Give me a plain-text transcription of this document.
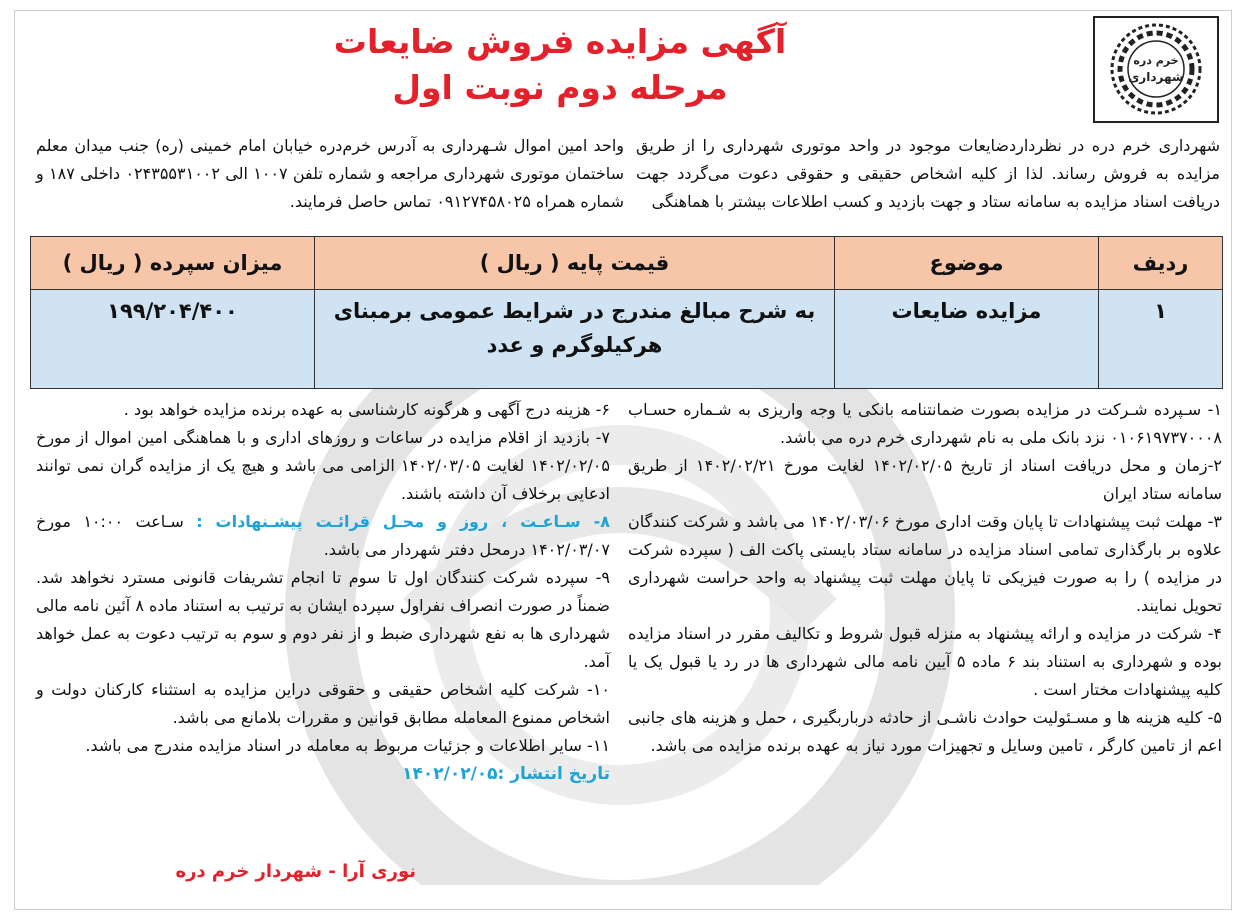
خرم دره
شهرداری
آگهی مزایده فروش ضایعات
مرحله دوم نوبت اول

شهرداری خرم دره در نظرداردضایعات موجود در واحد موتوری شهرداری را از طریق مزایده به فروش رساند. لذا از کلیه اشخاص حقیقی و حقوقی دعوت می‌گردد جهت دریافت اسناد مزایده به سامانه ستاد و جهت بازدید و کسب اطلاعات بیشتر با هماهنگی

واحد امین اموال شـهرداری به آدرس خرم‌دره خیابان امام خمینی (ره) جنب میدان معلم ساختمان موتوری شهرداری مراجعه و شماره تلفن ۱۰۰۷ الی ۰۲۴۳۵۵۳۱۰۰۲ داخلی ۱۸۷ و شماره همراه ۰۹۱۲۷۴۵۸۰۲۵ تماس حاصل فرمایند.

ردیف	موضوع	قیمت پایه ( ریال )	میزان سپرده ( ریال )
۱	مزایده ضایعات	به شرح مبالغ مندرج در شرایط عمومی برمبنای هرکیلوگرم و عدد	۱۹۹/۲۰۴/۴۰۰

۱- سـپرده شـرکت در مزایده بصورت ضمانتنامه بانکی یا وجه واریزی به شـماره حسـاب ۰۱۰۶۱۹۷۳۷۰۰۰۸ نزد بانک ملی به نام شهرداری خرم دره می باشد.

۲-زمان و محل دریافت اسناد از تاریخ ۱۴۰۲/۰۲/۰۵ لغایت مورخ ۱۴۰۲/۰۲/۲۱ از طریق سامانه ستاد ایران

۳- مهلت ثبت پیشنهادات تا پایان وقت اداری مورخ ۱۴۰۲/۰۳/۰۶ می باشد و شرکت کنندگان علاوه بر بارگذاری تمامی اسناد مزایده در سامانه ستاد بایستی پاکت الف ( سپرده شرکت در مزایده ) را به صورت فیزیکی تا پایان مهلت ثبت پیشنهاد به واحد حراست شهرداری تحویل نمایند.

۴- شرکت در مزایده و ارائه پیشنهاد به منزله قبول شروط و تکالیف مقرر در اسناد مزایده بوده و شهرداری به استناد بند ۶ ماده ۵ آیین نامه مالی شهرداری ها در رد یا قبول یک یا کلیه پیشنهادات مختار است .

۵- کلیه هزینه ها و مسـئولیت حوادث ناشـی از حادثه درباربگیری ، حمل و هزینه های جانبی اعم از تامین کارگر ، تامین وسایل و تجهیزات مورد نیاز به عهده برنده مزایده می باشد.

۶- هزینه درج آگهی و هرگونه کارشناسی به عهده برنده مزایده خواهد بود .

۷- بازدید از اقلام مزایده در ساعات و روزهای اداری و با هماهنگی امین اموال از مورخ ۱۴۰۲/۰۲/۰۵ لغایت ۱۴۰۲/۰۳/۰۵ الزامی می باشد و هیچ یک از مزایده گران نمی توانند ادعایی برخلاف آن داشته باشند.

۸- سـاعـت ، روز و محـل قرائـت پیشـنهادات : سـاعت ۱۰:۰۰ مورخ ۱۴۰۲/۰۳/۰۷ درمحل دفتر شهردار می باشد.

۹- سپرده شرکت کنندگان اول تا سوم تا انجام تشریفات قانونی مسترد نخواهد شد. ضمناً در صورت انصراف نفراول سپرده ایشان به ترتیب به استناد ماده ۸ آئین نامه مالی شهرداری ها به نفع شهرداری ضبط و از نفر دوم و سوم به ترتیب دعوت به عمل خواهد آمد.

۱۰- شرکت کلیه اشخاص حقیقی و حقوقی دراین مزایده به استثناء کارکنان دولت و اشخاص ممنوع المعامله مطابق قوانین و مقررات بلامانع می باشد.

۱۱- سایر اطلاعات و جزئیات مربوط به معامله در اسناد مزایده مندرج می باشد.

تاریخ انتشار :۱۴۰۲/۰۲/۰۵

نوری آرا - شهردار خرم دره
